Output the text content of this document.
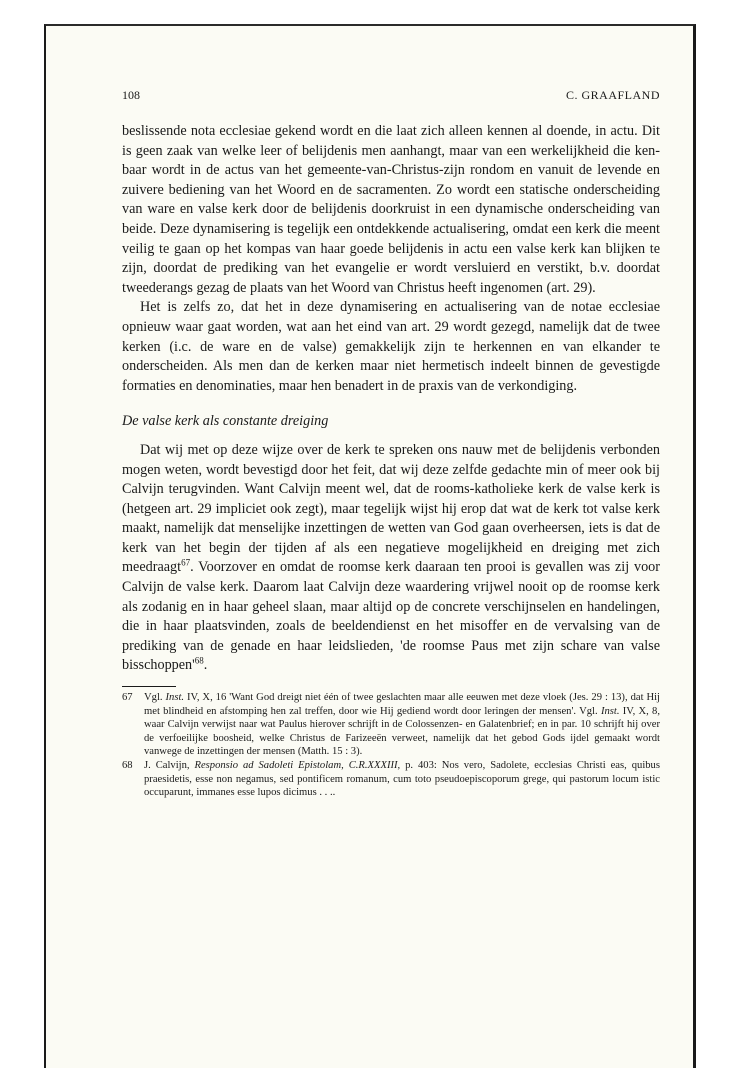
108	C. GRAAFLAND

beslissende nota ecclesiae gekend wordt en die laat zich alleen kennen al doende, in actu. Dit is geen zaak van welke leer of belijdenis men aanhangt, maar van een werkelijkheid die ken-baar wordt in de actus van het gemeente-van-Christus-zijn rondom en vanuit de levende en zuivere bediening van het Woord en de sacramenten. Zo wordt een statische onderscheiding van ware en valse kerk door de belijdenis doorkruist in een dynamische onderscheiding van beide. Deze dynamisering is tegelijk een ontdekkende actualisering, omdat een kerk die meent veilig te gaan op het kompas van haar goede belijdenis in actu een valse kerk kan blijken te zijn, doordat de prediking van het evangelie er wordt versluierd en verstikt, b.v. doordat tweederangs gezag de plaats van het Woord van Christus heeft ingenomen (art. 29).

Het is zelfs zo, dat het in deze dynamisering en actualisering van de notae ecclesiae opnieuw waar gaat worden, wat aan het eind van art. 29 wordt gezegd, namelijk dat de twee kerken (i.c. de ware en de valse) gemakkelijk zijn te herkennen en van elkander te onderscheiden. Als men dan de kerken maar niet hermetisch indeelt binnen de gevestigde formaties en denominaties, maar hen benadert in de praxis van de verkondiging.

De valse kerk als constante dreiging

Dat wij met op deze wijze over de kerk te spreken ons nauw met de belijdenis verbonden mogen weten, wordt bevestigd door het feit, dat wij deze zelfde gedachte min of meer ook bij Calvijn terugvinden. Want Calvijn meent wel, dat de rooms-katholieke kerk de valse kerk is (hetgeen art. 29 impliciet ook zegt), maar tegelijk wijst hij erop dat wat de kerk tot valse kerk maakt, namelijk dat menselijke inzettingen de wetten van God gaan overheersen, iets is dat de kerk van het begin der tijden af als een negatieve mogelijkheid en dreiging met zich meedraagt$^{67}$. Voorzover en omdat de roomse kerk daaraan ten prooi is gevallen was zij voor Calvijn de valse kerk. Daarom laat Calvijn deze waardering vrijwel nooit op de roomse kerk als zodanig en in haar geheel slaan, maar altijd op de concrete verschijnselen en handelingen, die in haar plaatsvinden, zoals de beeldendienst en het misoffer en de vervalsing van de prediking van de genade en haar leidslieden, 'de roomse Paus met zijn schare van valse $bisschoppen'^{68}$.

67 Vgl. Inst. IV, X, 16 'Want God dreigt niet één of twee geslachten maar alle eeuwen met deze vloek (Jes. 29 : 13), dat Hij met blindheid en afstomping hen zal treffen, door wie Hij gediend wordt door leringen der mensen'. Vgl. Inst. IV, X, 8, waar Calvijn verwijst naar wat Paulus hierover schrijft in de Colossenzen- en Galatenbrief; en in par. 10 schrijft hij over de verfoeilijke boosheid, welke Christus de Farizeeën verweet, namelijk dat het gebod Gods ijdel gemaakt wordt vanwege de inzettingen der mensen (Matth. 15 : 3).
68 J. Calvijn, Responsio ad Sadoleti Epistolam, C.R.XXXIII, p. 403: Nos vero, Sadolete, ecclesias Christi eas, quibus praesidetis, esse non negamus, sed pontificem romanum, cum toto pseudoepiscoporum grege, qui pastorum locum istic occuparunt, immanes esse lupos dicimus . . ..
